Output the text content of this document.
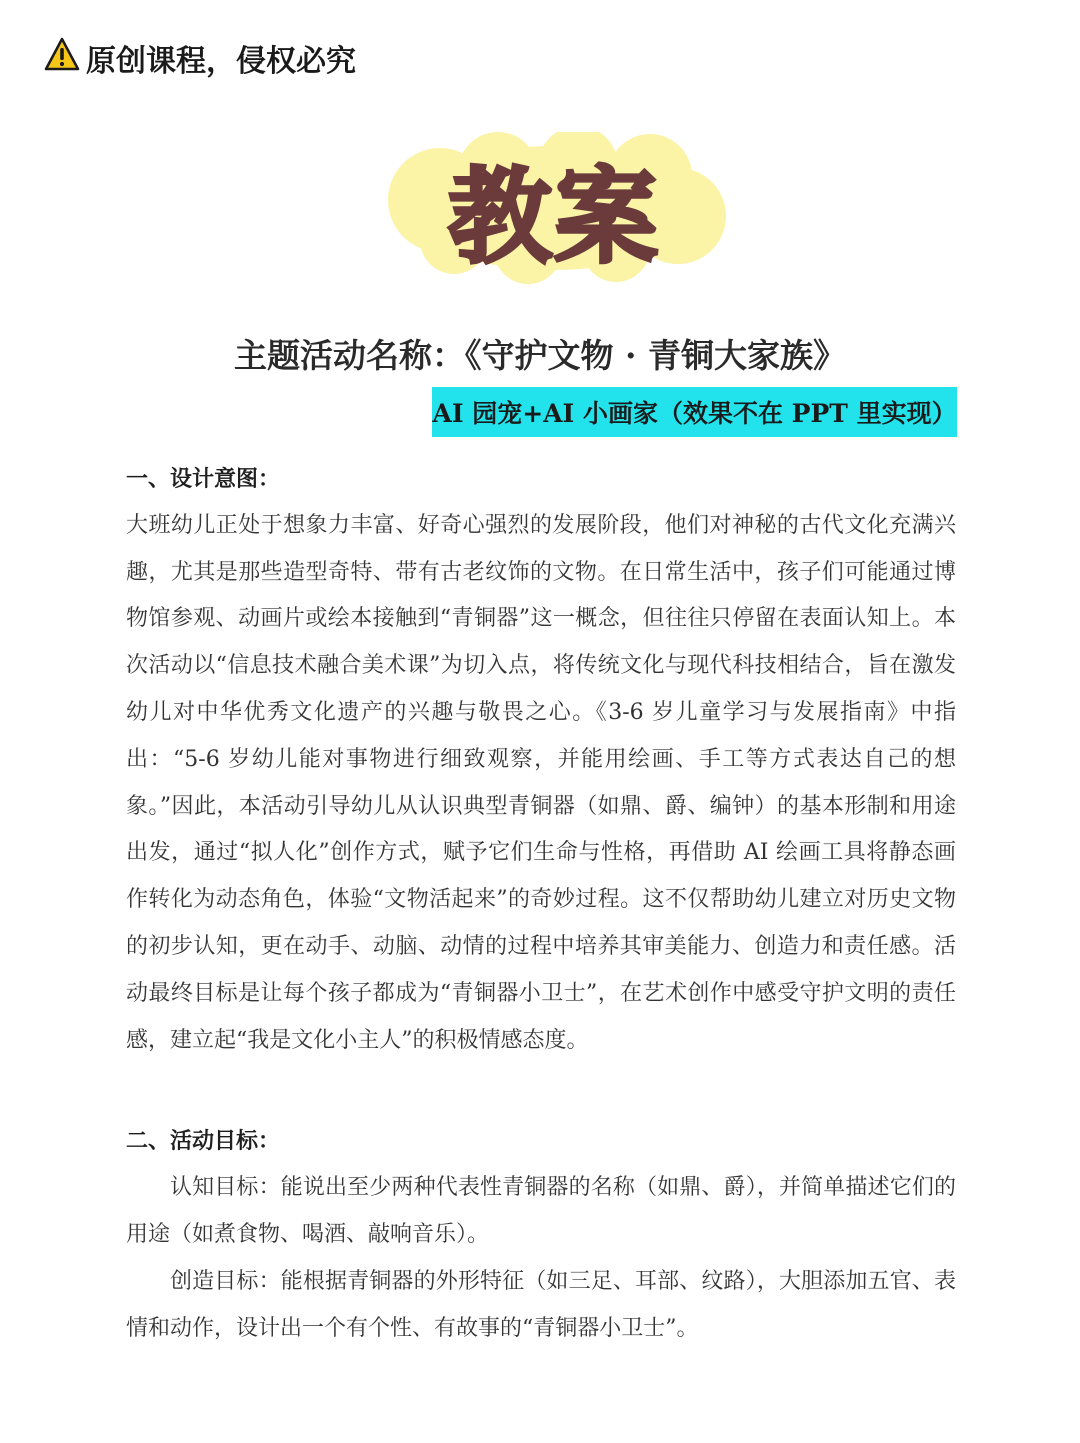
原创课程，侵权必究
教案
主题活动名称：《守护文物 · 青铜大家族》
AI 园宠+AI 小画家（效果不在 PPT 里实现）

一、设计意图：

大班幼儿正处于想象力丰富、好奇心强烈的发展阶段，他们对神秘的古代文化充满兴趣，尤其是那些造型奇特、带有古老纹饰的文物。在日常生活中，孩子们可能通过博物馆参观、动画片或绘本接触到“青铜器”这一概念，但往往只停留在表面认知上。本次活动以“信息技术融合美术课”为切入点，将传统文化与现代科技相结合，旨在激发幼儿对中华优秀文化遗产的兴趣与敬畏之心。《3-6 岁儿童学习与发展指南》中指出：“5-6 岁幼儿能对事物进行细致观察，并能用绘画、手工等方式表达自己的想象。”因此，本活动引导幼儿从认识典型青铜器（如鼎、爵、编钟）的基本形制和用途出发，通过“拟人化”创作方式，赋予它们生命与性格，再借助 AI 绘画工具将静态画作转化为动态角色，体验“文物活起来”的奇妙过程。这不仅帮助幼儿建立对历史文物的初步认知，更在动手、动脑、动情的过程中培养其审美能力、创造力和责任感。活动最终目标是让每个孩子都成为“青铜器小卫士”，在艺术创作中感受守护文明的责任感，建立起“我是文化小主人”的积极情感态度。

二、活动目标：

认知目标：能说出至少两种代表性青铜器的名称（如鼎、爵），并简单描述它们的用途（如煮食物、喝酒、敲响音乐）。

创造目标：能根据青铜器的外形特征（如三足、耳部、纹路），大胆添加五官、表情和动作，设计出一个有个性、有故事的“青铜器小卫士”。
